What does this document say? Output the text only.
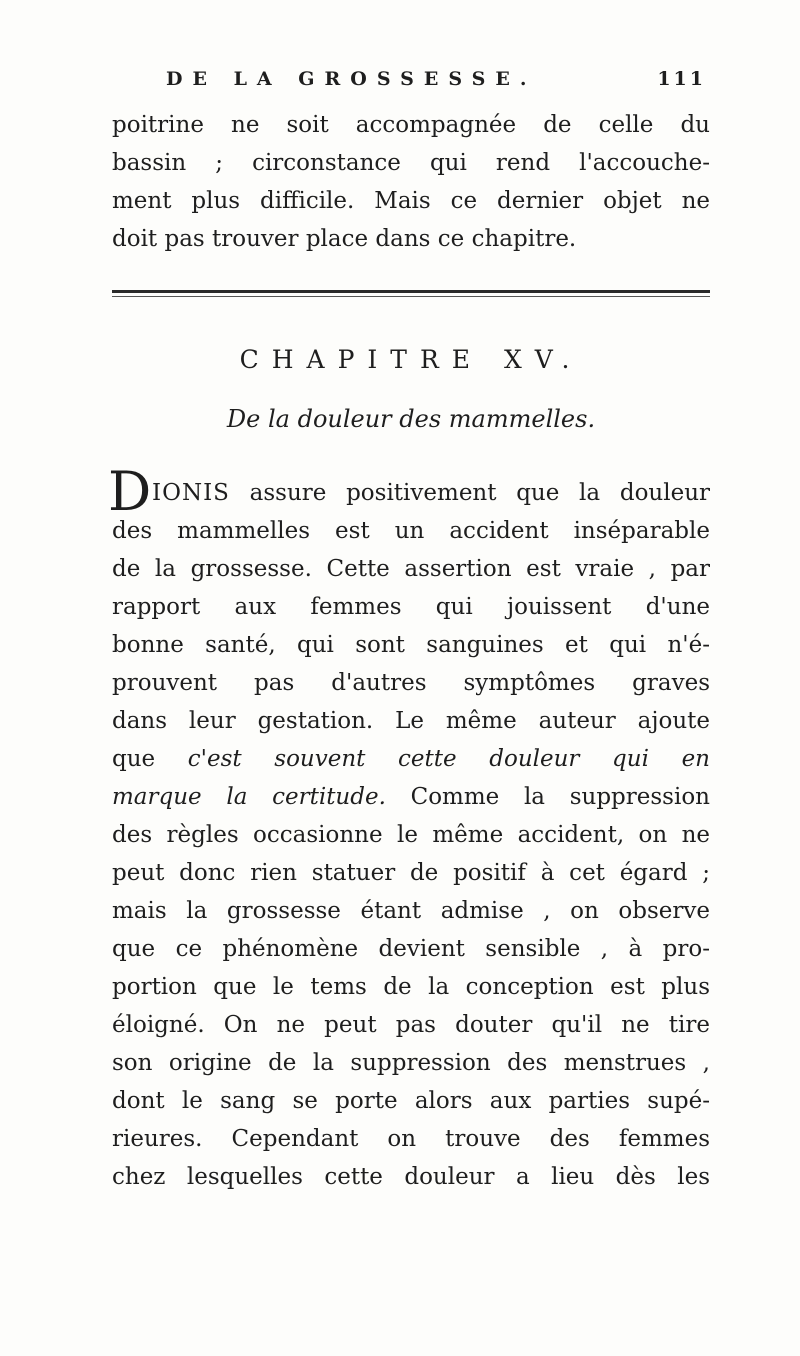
DE LA GROSSESSE.	111
poitrine ne soit accompagnée de celle du
bassin ; circonstance qui rend l'accouche-
ment plus difficile. Mais ce dernier objet ne
doit pas trouver place dans ce chapitre.
CHAPITRE XV.
De la douleur des mammelles.
D IONIS assure positivement que la douleur
des mammelles est un accident inséparable
de la grossesse. Cette assertion est vraie , par
rapport aux femmes qui jouissent d'une
bonne santé, qui sont sanguines et qui n'é-
prouvent pas d'autres symptômes graves
dans leur gestation. Le même auteur ajoute
que c'est souvent cette douleur qui en
marque la certitude. Comme la suppression
des règles occasionne le même accident, on ne
peut donc rien statuer de positif à cet égard ;
mais la grossesse étant admise , on observe
que ce phénomène devient sensible , à pro-
portion que le tems de la conception est plus
éloigné. On ne peut pas douter qu'il ne tire
son origine de la suppression des menstrues ,
dont le sang se porte alors aux parties supé-
rieures. Cependant on trouve des femmes
chez lesquelles cette douleur a lieu dès les
